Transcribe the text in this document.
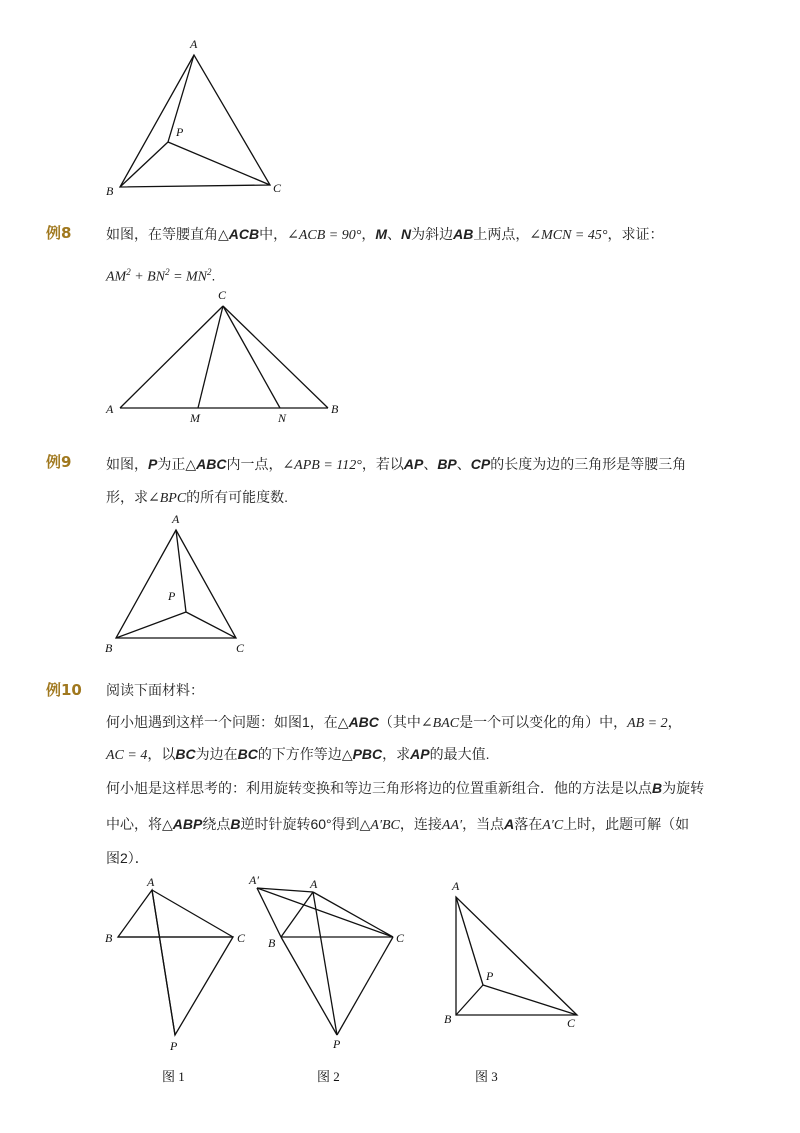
A
B	C
P
例8 如图，在等腰直角△ACB中，∠ACB = 90°，M、N为斜边AB上两点，∠MCN = 45°，求证：
$AM^2 + BN^2 = MN^2$.
C
A	B
M	N
例9 如图，P为正△ABC内一点，∠APB = 112°，若以AP、BP、CP的长度为边的三角形是等腰三角
形，求∠BPC的所有可能度数.
A
B	C
P
例10 阅读下面材料：
何小旭遇到这样一个问题：如图1，在△ABC（其中∠BAC是一个可以变化的角）中，AB = 2，
AC = 4，以BC为边在BC的下方作等边△PBC，求AP的最大值.
何小旭是这样思考的：利用旋转变换和等边三角形将边的位置重新组合．他的方法是以点B为旋转
中心，将△ABP绕点B逆时针旋转60°得到△A′BC，连接AA′，当点A落在A′C上时，此题可解（如
图2）．
A
B	C
P
图 1
A′	A
B	C
P
图 2
A
B	C
P
图 3
